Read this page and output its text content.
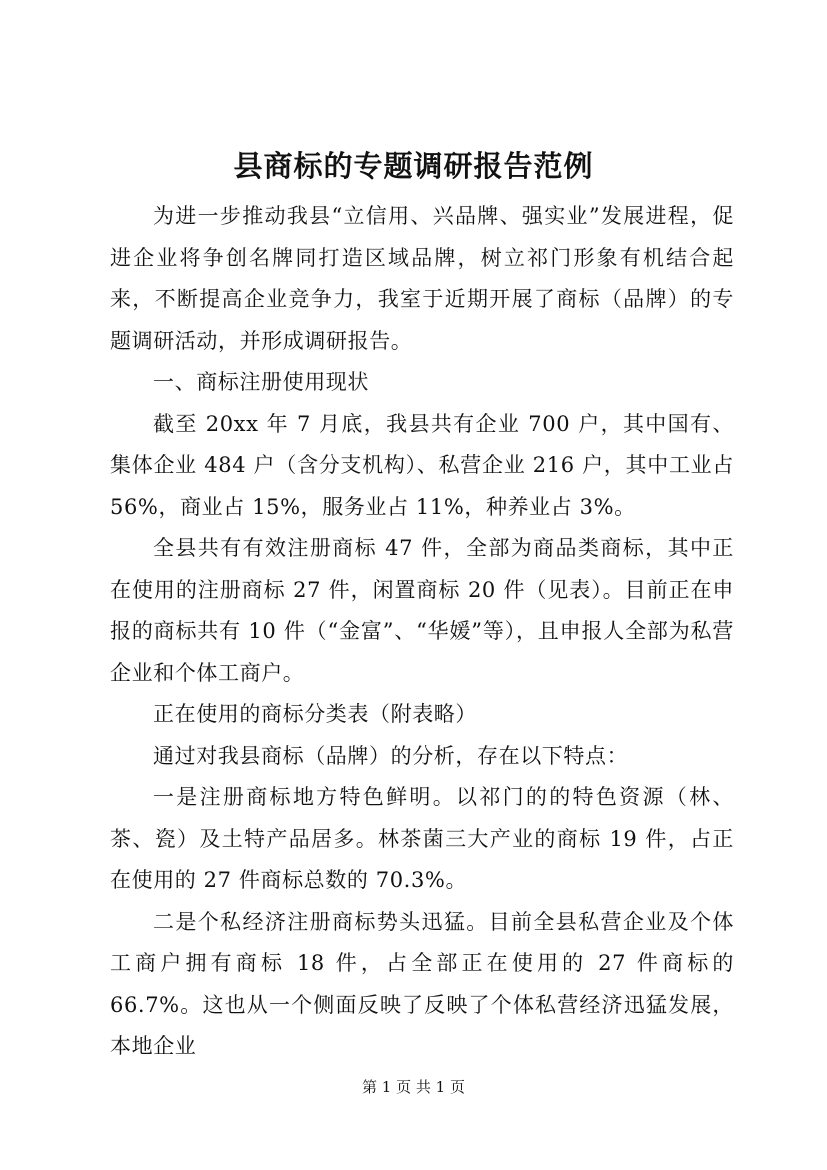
县商标的专题调研报告范例

为进一步推动我县“立信用、兴品牌、强实业”发展进程，促进企业将争创名牌同打造区域品牌，树立祁门形象有机结合起来，不断提高企业竞争力，我室于近期开展了商标（品牌）的专题调研活动，并形成调研报告。

一、商标注册使用现状

截至 20xx 年 7 月底，我县共有企业 700 户，其中国有、集体企业 484 户（含分支机构）、私营企业 216 户，其中工业占 56%，商业占 15%，服务业占 11%，种养业占 3%。

全县共有有效注册商标 47 件，全部为商品类商标，其中正在使用的注册商标 27 件，闲置商标 20 件（见表）。目前正在申报的商标共有 10 件（“金富”、“华媛”等），且申报人全部为私营企业和个体工商户。

正在使用的商标分类表（附表略）

通过对我县商标（品牌）的分析，存在以下特点：

一是注册商标地方特色鲜明。以祁门的的特色资源（林、茶、瓷）及土特产品居多。林茶菌三大产业的商标 19 件，占正在使用的 27 件商标总数的 70.3%。

二是个私经济注册商标势头迅猛。目前全县私营企业及个体工商户拥有商标 18 件，占全部正在使用的 27 件商标的 66.7%。这也从一个侧面反映了反映了个体私营经济迅猛发展，本地企业

第 1 页 共 1 页
